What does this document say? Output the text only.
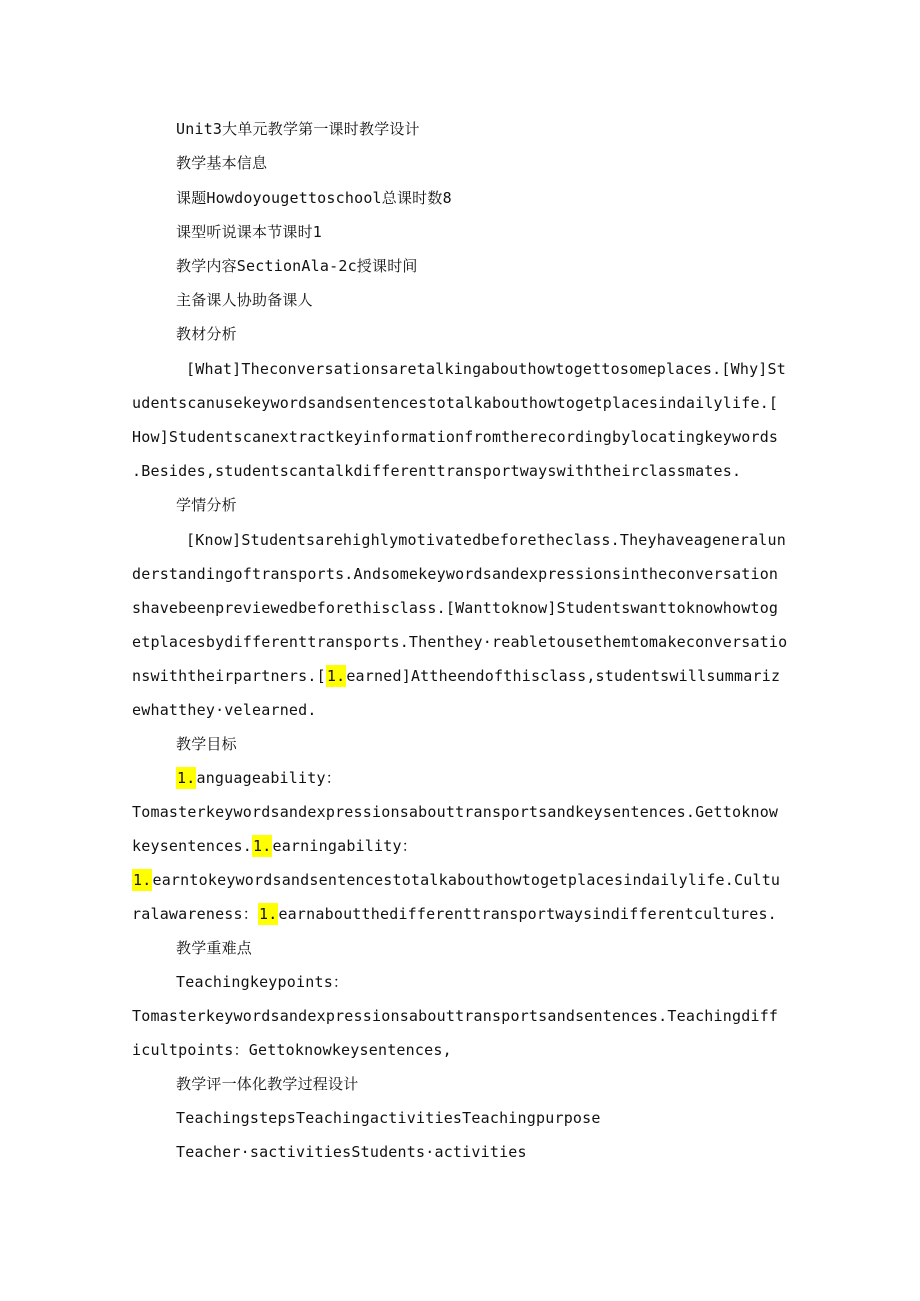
Unit3大单元教学第一课时教学设计
教学基本信息
课题Howdoyougettoschool总课时数8
课型听说课本节课时1
教学内容SectionAla-2c授课时间
主备课人协助备课人
教材分析
[What]Theconversationsaretalkingabouthowtogettosomeplaces.[Why]St
udentscanusekeywordsandsentencestotalkabouthowtogetplacesindailylife.[
How]Studentscanextractkeyinformationfromtherecordingbylocatingkeywords
.Besides,studentscantalkdifferenttransportwayswiththeirclassmates.
学情分析
[Know]Studentsarehighlymotivatedbeforetheclass.Theyhaveageneralun
derstandingoftransports.Andsomekeywordsandexpressionsintheconversation
shavebeenpreviewedbeforethisclass.[Wanttoknow]Studentswanttoknowhowtog
etplacesbydifferenttransports.Thenthey·reabletousethemtomakeconversatio
nswiththeirpartners.[1.earned]Attheendofthisclass,studentswillsummariz
ewhatthey·velearned.
教学目标
1.anguageability：
Tomasterkeywordsandexpressionsabouttransportsandkeysentences.Gettoknow
keysentences.1.earningability：
1.earntokeywordsandsentencestotalkabouthowtogetplacesindailylife.Cultu
ralawareness：1.earnaboutthedifferenttransportwaysindifferentcultures.
教学重难点
Teachingkeypoints：
Tomasterkeywordsandexpressionsabouttransportsandsentences.Teachingdiff
icultpoints：Gettoknowkeysentences,
教学评一体化教学过程设计
TeachingstepsTeachingactivitiesTeachingpurpose
Teacher·sactivitiesStudents·activities
